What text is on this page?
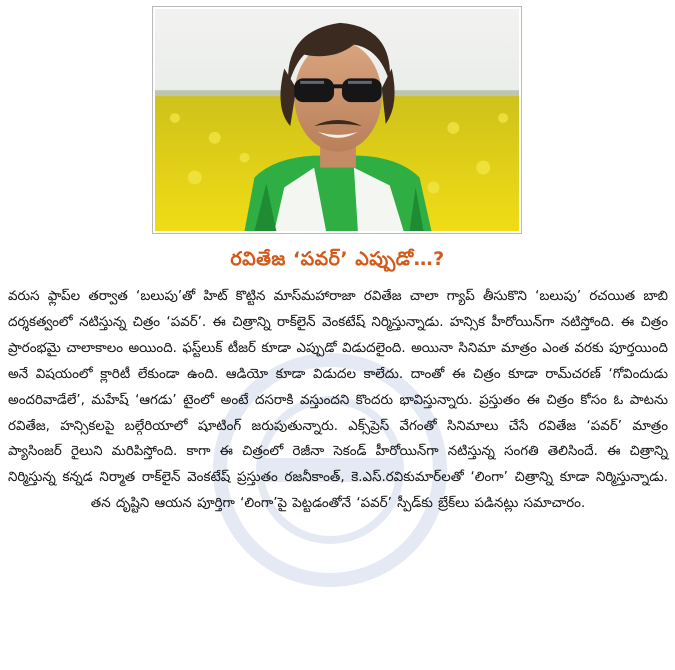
రవితేజ ‘పవర్’ ఎప్పుడో…?
వరుస ఫ్లాప్‌ల తర్వాత ‘బలుపు’తో హిట్ కొట్టిన మాస్‌మహారాజా రవితేజ చాలా గ్యాప్ తీసుకొని ‘బలుపు’ రచయిత బాబి దర్శకత్వంలో నటిస్తున్న చిత్రం ‘పవర్’. ఈ చిత్రాన్ని రాక్‌లైన్ వెంకటేష్ నిర్మిస్తున్నాడు. హన్సిక హీరోయిన్‌గా నటిస్తోంది. ఈ చిత్రం ప్రారంభమై చాలాకాలం అయింది. ఫస్ట్‌లుక్ టీజర్ కూడా ఎప్పుడో విడుదలైంది. అయినా సినిమా మాత్రం ఎంత వరకు పూర్తయింది అనే విషయంలో క్లారిటీ లేకుండా ఉంది. ఆడియో కూడా విడుదల కాలేదు. దాంతో ఈ చిత్రం కూడా రామ్‌చరణ్ ‘గోవిందుడు అందరివాడేలే’, మహేష్ ‘ఆగడు’ టైంలో అంటే దసరాకి వస్తుందని కొందరు భావిస్తున్నారు. ప్రస్తుతం ఈ చిత్రం కోసం ఓ పాటను రవితేజ, హన్సికలపై బల్గేరియాలో షూటింగ్ జరుపుతున్నారు. ఎక్స్‌ప్రెస్ వేగంతో సినిమాలు చేసే రవితేజ ‘పవర్’ మాత్రం ప్యాసింజర్ రైలుని మరిపిస్తోంది. కాగా ఈ చిత్రంలో రెజీనా సెకండ్ హీరోయిన్‌గా నటిస్తున్న సంగతి తెలిసిందే. ఈ చిత్రాన్ని నిర్మిస్తున్న కన్నడ నిర్మాత రాక్‌లైన్ వెంకటేష్ ప్రస్తుతం రజనీకాంత్, కె.ఎస్.రవికుమార్‌లతో ‘లింగా’ చిత్రాన్ని కూడా నిర్మిస్తున్నాడు. తన దృష్టిని ఆయన పూర్తిగా ‘లింగా’పై పెట్టడంతోనే ‘పవర్’ స్పీడ్‌కు బ్రేక్‌లు పడినట్లు సమాచారం.
